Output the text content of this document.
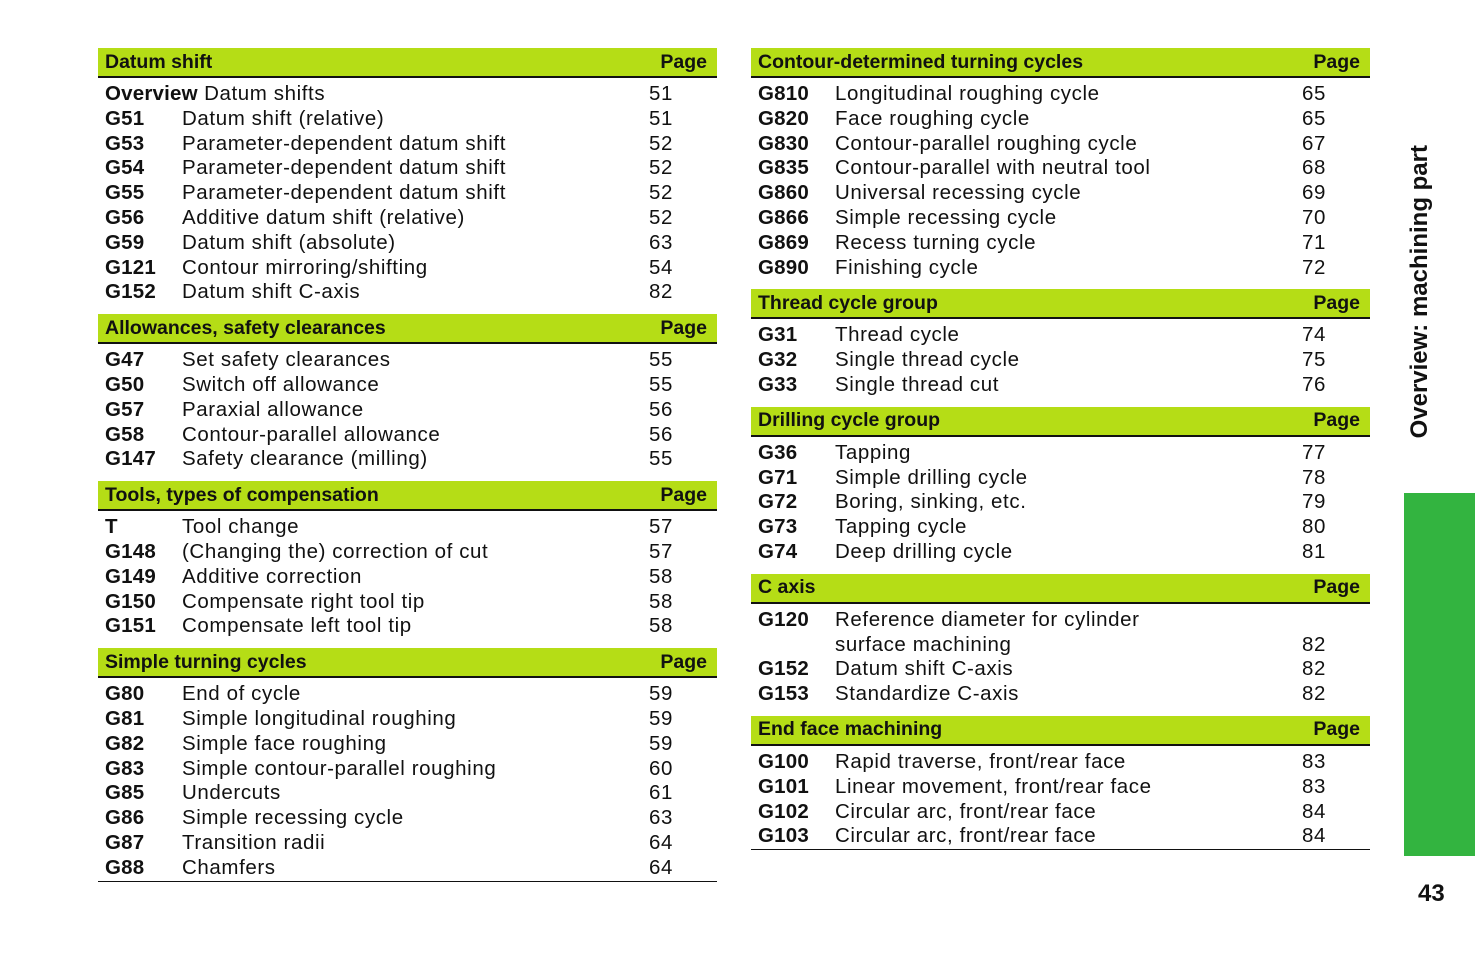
Datum shift	Page
Overview Datum shifts	51
G51	Datum shift (relative)	51
G53	Parameter-dependent datum shift	52
G54	Parameter-dependent datum shift	52
G55	Parameter-dependent datum shift	52
G56	Additive datum shift (relative)	52
G59	Datum shift (absolute)	63
G121	Contour mirroring/shifting	54
G152	Datum shift C-axis	82
Allowances, safety clearances	Page
G47	Set safety clearances	55
G50	Switch off allowance	55
G57	Paraxial allowance	56
G58	Contour-parallel allowance	56
G147	Safety clearance (milling)	55
Tools, types of compensation	Page
T	Tool change	57
G148	(Changing the) correction of cut	57
G149	Additive correction	58
G150	Compensate right tool tip	58
G151	Compensate left tool tip	58
Simple turning cycles	Page
G80	End of cycle	59
G81	Simple longitudinal roughing	59
G82	Simple face roughing	59
G83	Simple contour-parallel roughing	60
G85	Undercuts	61
G86	Simple recessing cycle	63
G87	Transition radii	64
G88	Chamfers	64
Contour-determined turning cycles	Page
G810	Longitudinal roughing cycle	65
G820	Face roughing cycle	65
G830	Contour-parallel roughing cycle	67
G835	Contour-parallel with neutral tool	68
G860	Universal recessing cycle	69
G866	Simple recessing cycle	70
G869	Recess turning cycle	71
G890	Finishing cycle	72
Thread cycle group	Page
G31	Thread cycle	74
G32	Single thread cycle	75
G33	Single thread cut	76
Drilling cycle group	Page
G36	Tapping	77
G71	Simple drilling cycle	78
G72	Boring, sinking, etc.	79
G73	Tapping cycle	80
G74	Deep drilling cycle	81
C axis	Page
G120	Reference diameter for cylinder
surface machining	82
G152	Datum shift C-axis	82
G153	Standardize C-axis	82
End face machining	Page
G100	Rapid traverse, front/rear face	83
G101	Linear movement, front/rear face	83
G102	Circular arc, front/rear face	84
G103	Circular arc, front/rear face	84
Overview: machining part
43
